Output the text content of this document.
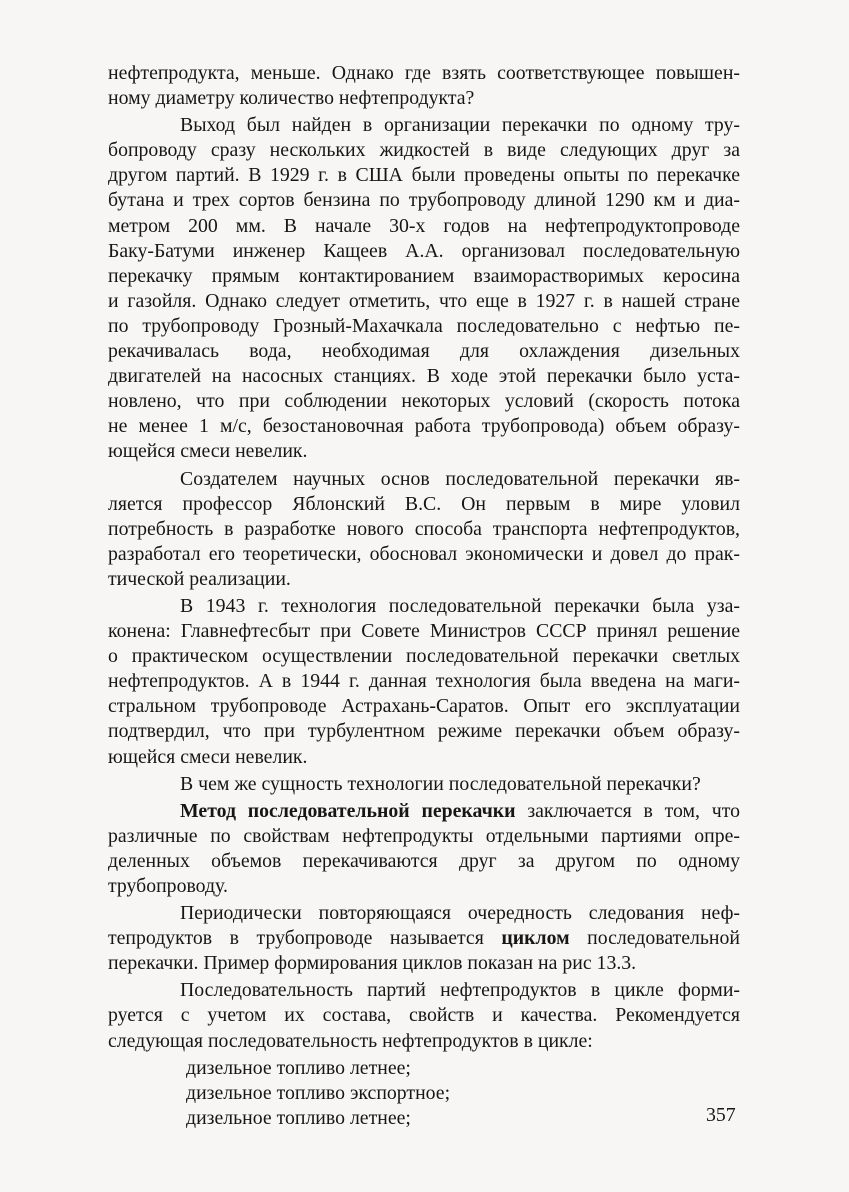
нефтепродукта, меньше. Однако где взять соответствующее повышен-
ному диаметру количество нефтепродукта?
Выход был найден в организации перекачки по одному тру-
бопроводу сразу нескольких жидкостей в виде следующих друг за
другом партий. В 1929 г. в США были проведены опыты по перекачке
бутана и трех сортов бензина по трубопроводу длиной 1290 км и диа-
метром 200 мм. В начале 30-х годов на нефтепродуктопроводе
Баку-Батуми инженер Кащеев А.А. организовал последовательную
перекачку прямым контактированием взаиморастворимых керосина
и газойля. Однако следует отметить, что еще в 1927 г. в нашей стране
по трубопроводу Грозный-Махачкала последовательно с нефтью пе-
рекачивалась вода, необходимая для охлаждения дизельных
двигателей на насосных станциях. В ходе этой перекачки было уста-
новлено, что при соблюдении некоторых условий (скорость потока
не менее 1 м/с, безостановочная работа трубопровода) объем образу-
ющейся смеси невелик.
Создателем научных основ последовательной перекачки яв-
ляется профессор Яблонский В.С. Он первым в мире уловил
потребность в разработке нового способа транспорта нефтепродуктов,
разработал его теоретически, обосновал экономически и довел до прак-
тической реализации.
В 1943 г. технология последовательной перекачки была уза-
конена: Главнефтесбыт при Совете Министров СССР принял решение
о практическом осуществлении последовательной перекачки светлых
нефтепродуктов. А в 1944 г. данная технология была введена на маги-
стральном трубопроводе Астрахань-Саратов. Опыт его эксплуатации
подтвердил, что при турбулентном режиме перекачки объем образу-
ющейся смеси невелик.
В чем же сущность технологии последовательной перекачки?
Метод последовательной перекачки заключается в том, что
различные по свойствам нефтепродукты отдельными партиями опре-
деленных объемов перекачиваются друг за другом по одному
трубопроводу.
Периодически повторяющаяся очередность следования неф-
тепродуктов в трубопроводе называется циклом последовательной
перекачки. Пример формирования циклов показан на рис 13.3.
Последовательность партий нефтепродуктов в цикле форми-
руется с учетом их состава, свойств и качества. Рекомендуется
следующая последовательность нефтепродуктов в цикле:
дизельное топливо летнее;
дизельное топливо экспортное;
дизельное топливо летнее;	357
